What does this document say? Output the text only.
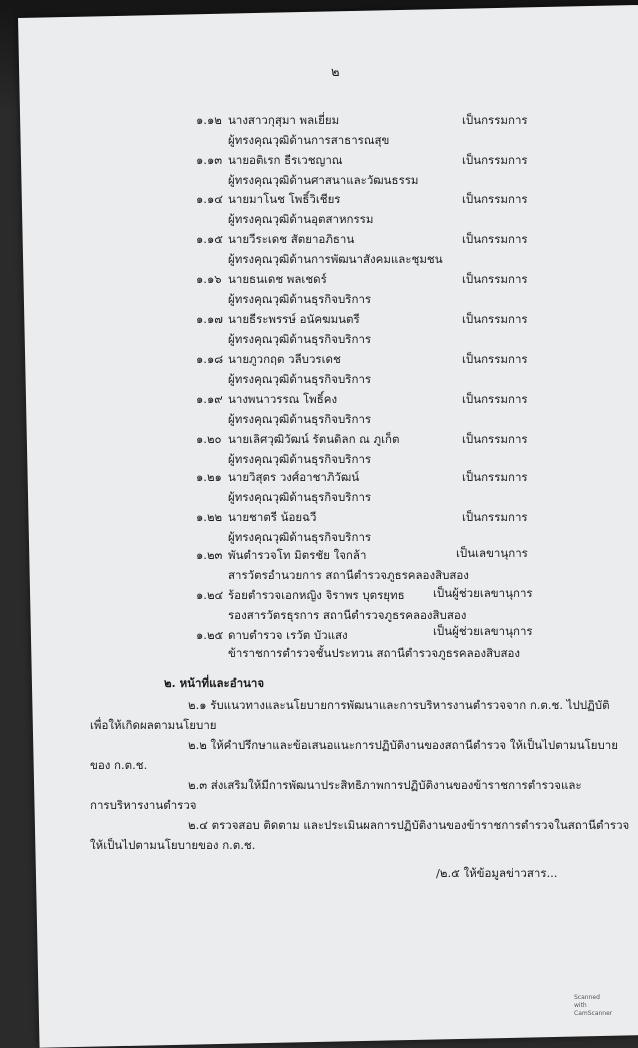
๒
๑.๑๒ นางสาวกุสุมา พลเยี่ยม	เป็นกรรมการ
ผู้ทรงคุณวุฒิด้านการสาธารณสุข
๑.๑๓ นายอติเรก ธีรเวชญาณ	เป็นกรรมการ
ผู้ทรงคุณวุฒิด้านศาสนาและวัฒนธรรม
๑.๑๔ นายมาโนช โพธิ์วิเชียร	เป็นกรรมการ
ผู้ทรงคุณวุฒิด้านอุตสาหกรรม
๑.๑๕ นายวีระเดช สัตยาอภิธาน	เป็นกรรมการ
ผู้ทรงคุณวุฒิด้านการพัฒนาสังคมและชุมชน
๑.๑๖ นายธนเดช พลเชดร์	เป็นกรรมการ
ผู้ทรงคุณวุฒิด้านธุรกิจบริการ
๑.๑๗ นายธีระพรรษ์ อนัคฆมนตรี	เป็นกรรมการ
ผู้ทรงคุณวุฒิด้านธุรกิจบริการ
๑.๑๘ นายภูวกฤต วลีบวรเดช	เป็นกรรมการ
ผู้ทรงคุณวุฒิด้านธุรกิจบริการ
๑.๑๙ นางพนาวรรณ โพธิ์คง	เป็นกรรมการ
ผู้ทรงคุณวุฒิด้านธุรกิจบริการ
๑.๒๐ นายเลิศวุฒิวัฒน์ รัตนดิลก ณ ภูเก็ต	เป็นกรรมการ
ผู้ทรงคุณวุฒิด้านธุรกิจบริการ
๑.๒๑ นายวิสุตร วงศ์อาชาภิวัฒน์	เป็นกรรมการ
ผู้ทรงคุณวุฒิด้านธุรกิจบริการ
๑.๒๒ นายชาตรี น้อยฉวี	เป็นกรรมการ
ผู้ทรงคุณวุฒิด้านธุรกิจบริการ
๑.๒๓ พันตำรวจโท มิตรชัย ใจกล้า	เป็นเลขานุการ
สารวัตรอำนวยการ สถานีตำรวจภูธรคลองสิบสอง
๑.๒๔ ร้อยตำรวจเอกหญิง จิราพร บุตรยุทธ เป็นผู้ช่วยเลขานุการ
รองสารวัตรธุรการ สถานีตำรวจภูธรคลองสิบสอง
๑.๒๕ ดาบตำรวจ เรวัต บัวแสง	เป็นผู้ช่วยเลขานุการ
ข้าราชการตำรวจชั้นประทวน สถานีตำรวจภูธรคลองสิบสอง
๒. หน้าที่และอำนาจ
๒.๑ รับแนวทางและนโยบายการพัฒนาและการบริหารงานตำรวจจาก ก.ต.ช. ไปปฏิบัติ
เพื่อให้เกิดผลตามนโยบาย
๒.๒ ให้คำปรึกษาและข้อเสนอแนะการปฏิบัติงานของสถานีตำรวจ ให้เป็นไปตามนโยบาย
ของ ก.ต.ช.
๒.๓ ส่งเสริมให้มีการพัฒนาประสิทธิภาพการปฏิบัติงานของข้าราชการตำรวจและ
การบริหารงานตำรวจ
๒.๔ ตรวจสอบ ติดตาม และประเมินผลการปฏิบัติงานของข้าราชการตำรวจในสถานีตำรวจ
ให้เป็นไปตามนโยบายของ ก.ต.ช.
/๒.๕ ให้ข้อมูลข่าวสาร...
Scanned with
CamScanner
